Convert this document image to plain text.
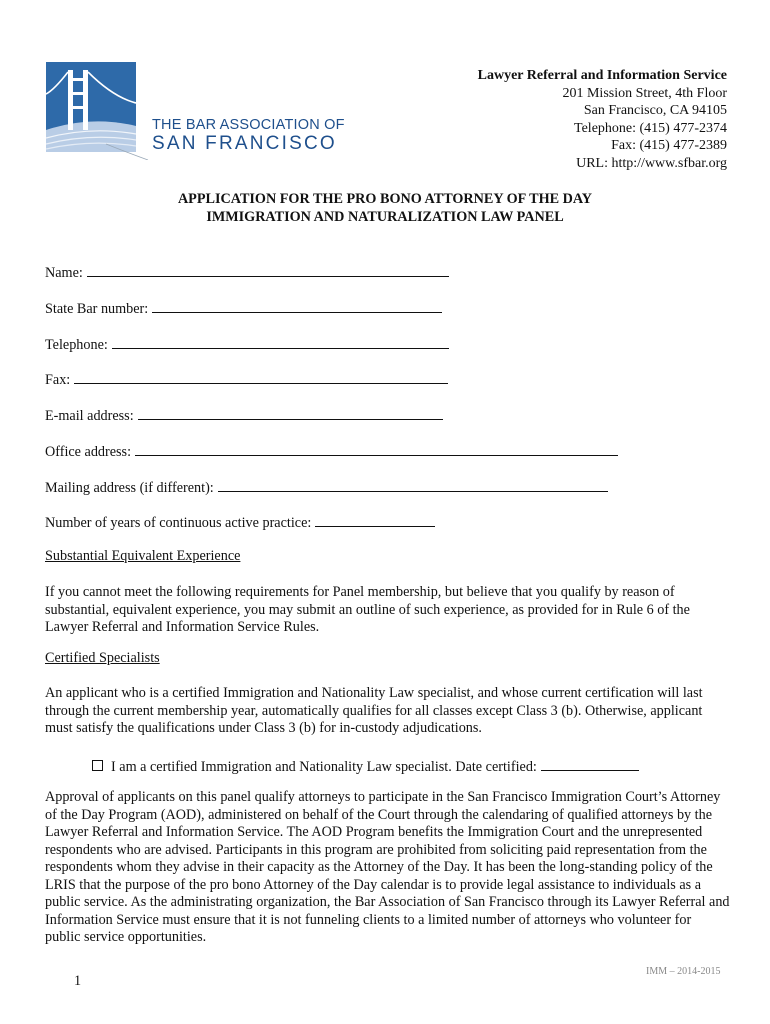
THE BAR ASSOCIATION OF
SAN FRANCISCO
Lawyer Referral and Information Service
201 Mission Street, 4th Floor
San Francisco, CA 94105
Telephone: (415) 477-2374
Fax: (415) 477-2389
URL: http://www.sfbar.org
APPLICATION FOR THE PRO BONO ATTORNEY OF THE DAY
IMMIGRATION AND NATURALIZATION LAW PANEL
Name:
State Bar number:
Telephone:
Fax:
E-mail address:
Office address:
Mailing address (if different):
Number of years of continuous active practice:
Substantial Equivalent Experience
If you cannot meet the following requirements for Panel membership, but believe that you qualify by reason of substantial, equivalent experience, you may submit an outline of such experience, as provided for in Rule 6 of the Lawyer Referral and Information Service Rules.
Certified Specialists
An applicant who is a certified Immigration and Nationality Law specialist, and whose current certification will last through the current membership year, automatically qualifies for all classes except Class 3 (b). Otherwise, applicant must satisfy the qualifications under Class 3 (b) for in-custody adjudications.
I am a certified Immigration and Nationality Law specialist. Date certified:
Approval of applicants on this panel qualify attorneys to participate in the San Francisco Immigration Court’s Attorney of the Day Program (AOD), administered on behalf of the Court through the calendaring of qualified attorneys by the Lawyer Referral and Information Service. The AOD Program benefits the Immigration Court and the unrepresented respondents who are advised. Participants in this program are prohibited from soliciting paid representation from the respondents whom they advise in their capacity as the Attorney of the Day. It has been the long-standing policy of the LRIS that the purpose of the pro bono Attorney of the Day calendar is to provide legal assistance to individuals as a public service. As the administrating organization, the Bar Association of San Francisco through its Lawyer Referral and Information Service must ensure that it is not funneling clients to a limited number of attorneys who volunteer for public service opportunities.
IMM – 2014-2015
1
